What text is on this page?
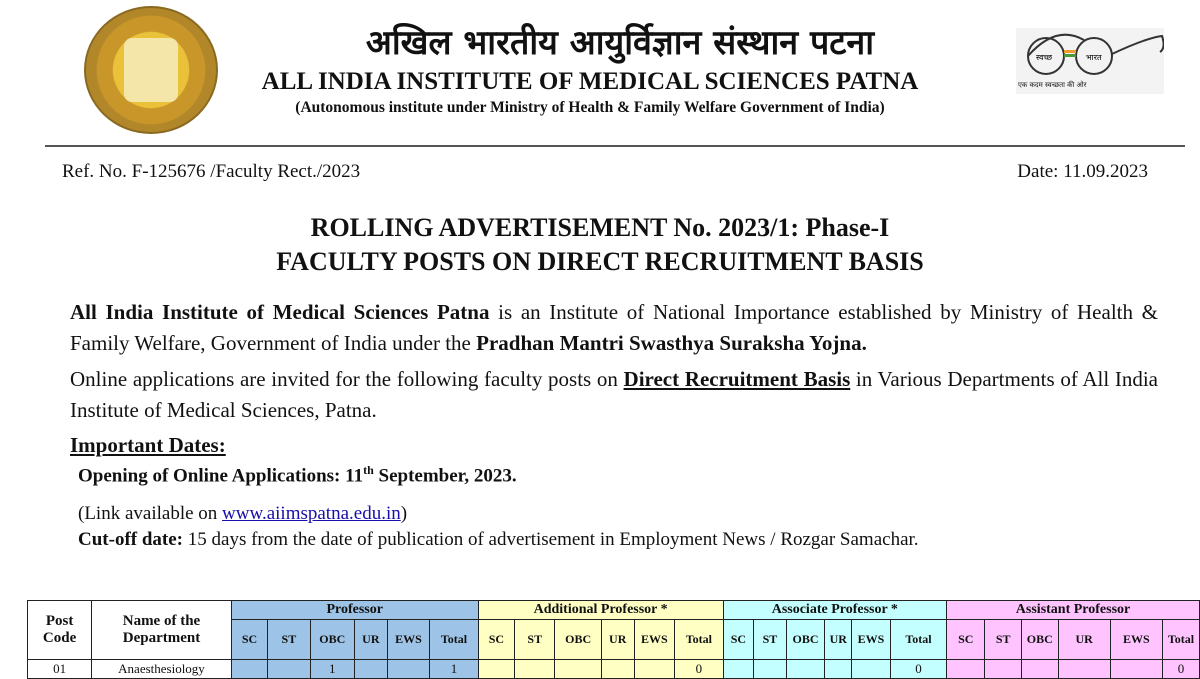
अखिल भारतीय आयुर्विज्ञान संस्थान पटना
ALL INDIA INSTITUTE OF MEDICAL SCIENCES PATNA
(Autonomous institute under Ministry of Health & Family Welfare Government of India)
स्वच्छ	भारत
एक कदम स्वच्छता की ओर
Ref. No. F-125676 /Faculty Rect./2023	Date: 11.09.2023
ROLLING ADVERTISEMENT No. 2023/1: Phase-I
FACULTY POSTS ON DIRECT RECRUITMENT BASIS
All India Institute of Medical Sciences Patna is an Institute of National Importance established by Ministry of Health & Family Welfare, Government of India under the Pradhan Mantri Swasthya Suraksha Yojna.
Online applications are invited for the following faculty posts on Direct Recruitment Basis in Various Departments of All India Institute of Medical Sciences, Patna.
Important Dates:
Opening of Online Applications: 11th September, 2023.
(Link available on www.aiimspatna.edu.in)
Cut-off date: 15 days from the date of publication of advertisement in Employment News / Rozgar Samachar.
Post Code	Name of the Department	Professor						Additional Professor *						Associate Professor *						Assistant Professor					
		SC	ST	OBC	UR	EWS	Total	SC	ST	OBC	UR	EWS	Total	SC	ST	OBC	UR	EWS	Total	SC	ST	OBC	UR	EWS	Total
01	Anaesthesiology			1			1						0						0						0
